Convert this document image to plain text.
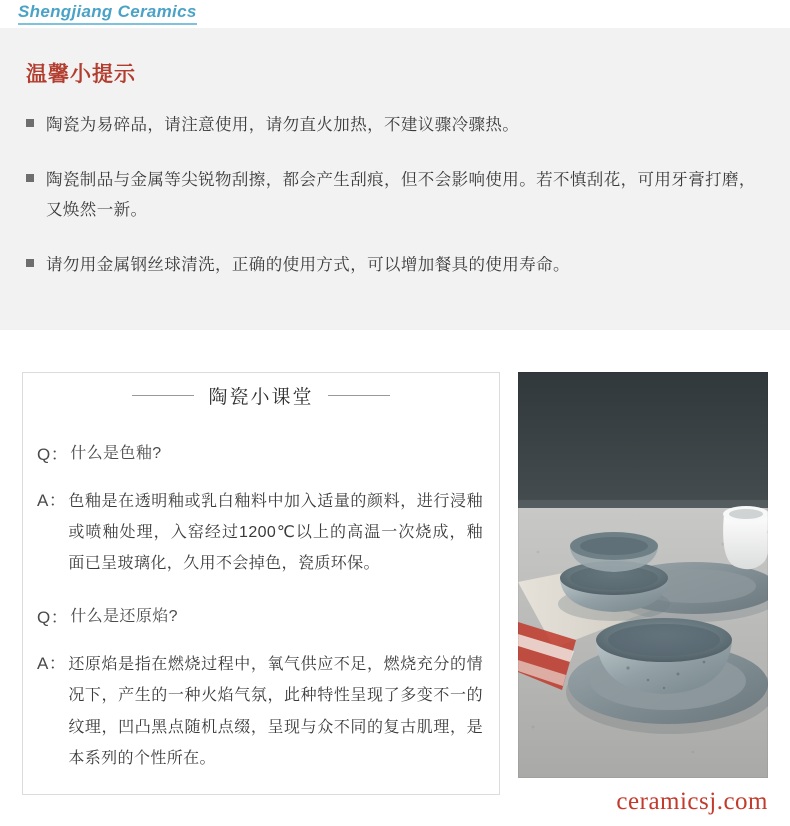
Shengjiang Ceramics
温馨小提示
陶瓷为易碎品，请注意使用，请勿直火加热，不建议骤冷骤热。
陶瓷制品与金属等尖锐物刮擦，都会产生刮痕，但不会影响使用。若不慎刮花，可用牙膏打磨，又焕然一新。
请勿用金属钢丝球清洗，正确的使用方式，可以增加餐具的使用寿命。
陶瓷小课堂
Q： 什么是色釉?
A： 色釉是在透明釉或乳白釉料中加入适量的颜料，进行浸釉或喷釉处理，入窑经过1200℃以上的高温一次烧成，釉面已呈玻璃化，久用不会掉色，瓷质环保。
Q： 什么是还原焰?
A： 还原焰是指在燃烧过程中，氧气供应不足，燃烧充分的情况下，产生的一种火焰气氛，此种特性呈现了多变不一的纹理，凹凸黑点随机点缀，呈现与众不同的复古肌理，是本系列的个性所在。
ceramicsj.com
